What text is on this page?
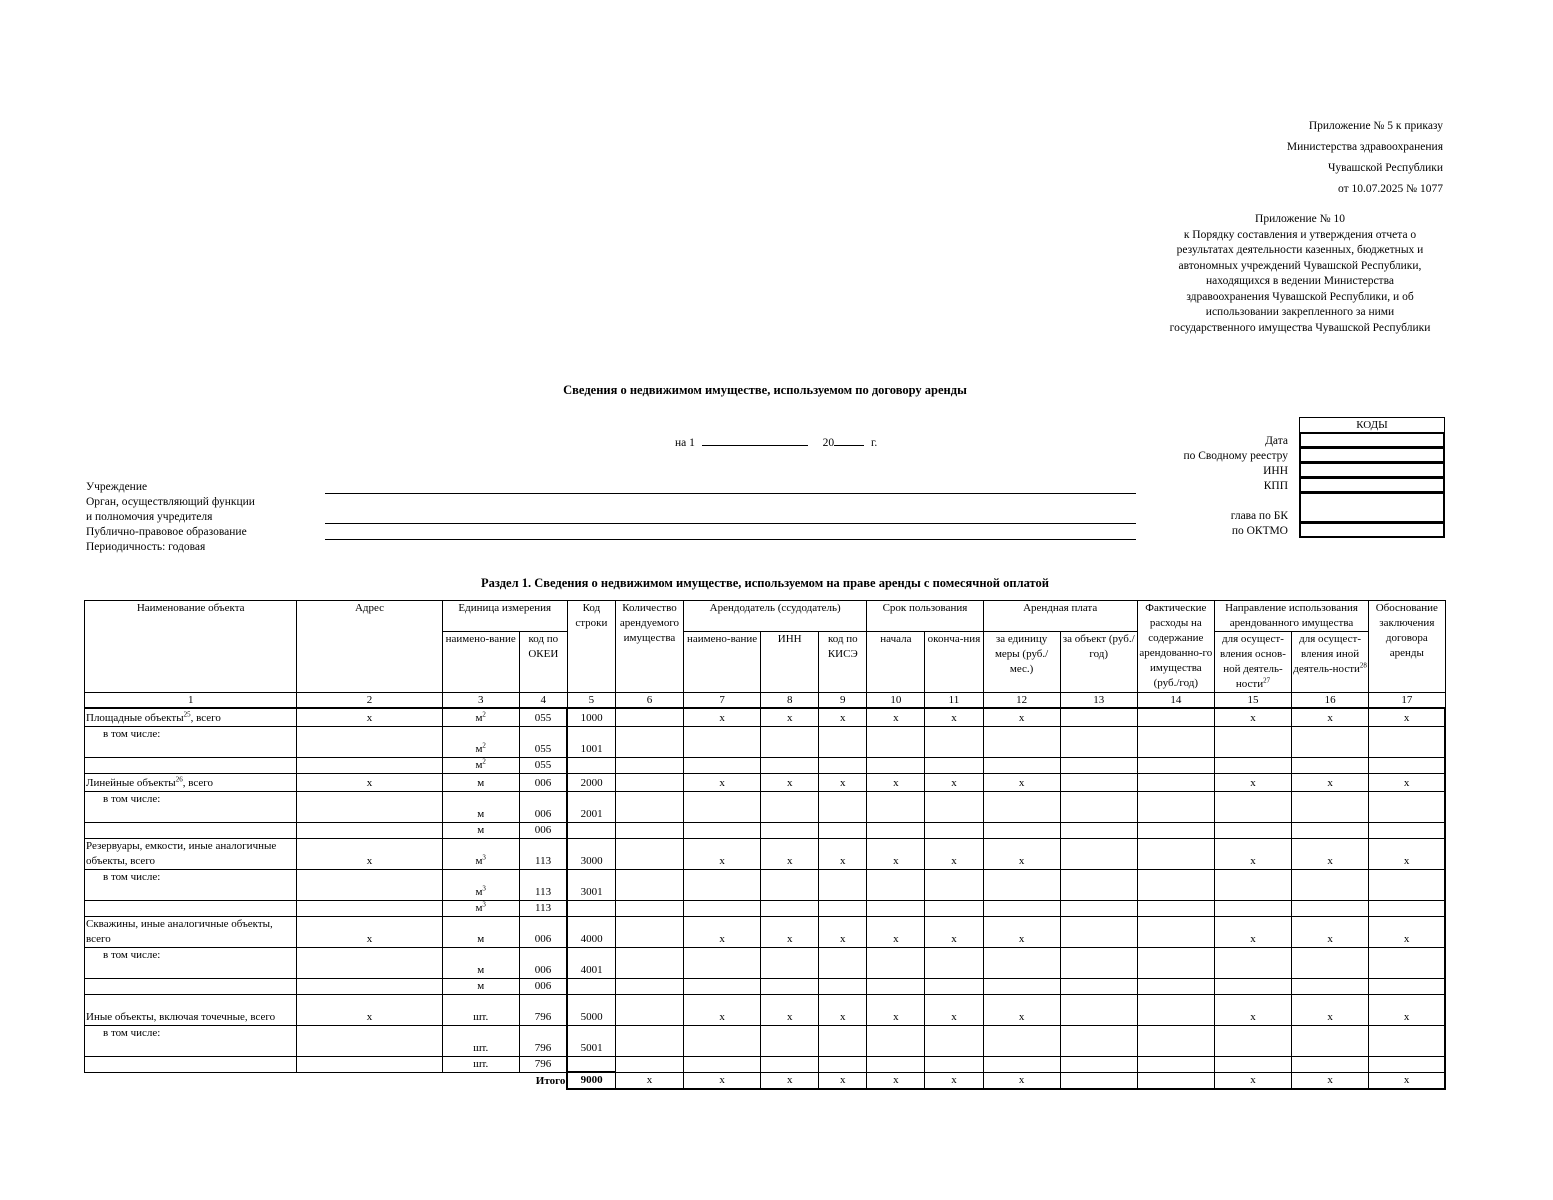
Приложение № 5 к приказу
Министерства здравоохранения
Чувашской Республики
от 10.07.2025 № 1077
Приложение № 10
к Порядку составления и утверждения отчета о
результатах деятельности казенных, бюджетных и
автономных учреждений Чувашской Республики,
находящихся в ведении Министерства
здравоохранения Чувашской Республики, и об
использовании закрепленного за ними
государственного имущества Чувашской Республики
Сведения о недвижимом имуществе, используемом по договору аренды
на 1	20	г.	Дата
по Сводному реестру
ИНН
КПП
глава по БК
по ОКТМО
КОДЫ
Учреждение
Орган, осуществляющий функции
и полномочия учредителя
Публично-правовое образование
Периодичность: годовая
Раздел 1. Сведения о недвижимом имуществе, используемом на праве аренды с помесячной оплатой
Наименование объекта	Адрес	Единица измерения		Код строки	Количество арендуемого имущества	Арендодатель (ссудодатель)			Срок пользования		Арендная плата		Фактические расходы на содержание арендованно-го имущества (руб./год)	Направление использования арендованного имущества		Обоснование заключения договора аренды
		наимено-вание	код по ОКЕИ			наимено-вание	ИНН	код по КИСЭ	начала	оконча-ния	за единицу меры (руб./мес.)	за объект (руб./год)		для осущест-вления основ-ной деятель-ности$^{27}$	для осущест-вления иной деятель-ности$^{28}$
1	2	3	4	5	6	7	8	9	10	11	12	13	14	15	16	17
Площадные объекты$^{25}$, всего	x	$м^2$	055	1000		x	x	x	x	x	x			x	x	x
в том числе:		$м^2$	055	1001												
		$м^2$	055													
Линейные объекты$^{26}$, всего	x	м	006	2000		x	x	x	x	x	x			x	x	x
в том числе:		м	006	2001												
		м	006													
Резервуары, емкости, иные аналогичные объекты, всего	x	$м^3$	113	3000		x	x	x	x	x	x			x	x	x
в том числе:		$м^3$	113	3001												
		$м^3$	113													
Скважины, иные аналогичные объекты, всего	x	м	006	4000		x	x	x	x	x	x			x	x	x
в том числе:		м	006	4001												
		м	006													
Иные объекты, включая точечные, всего	x	шт.	796	5000		x	x	x	x	x	x			x	x	x
в том числе:		шт.	796	5001												
		шт.	796													
Итого				9000	x	x	x	x	x	x	x			x	x	x
